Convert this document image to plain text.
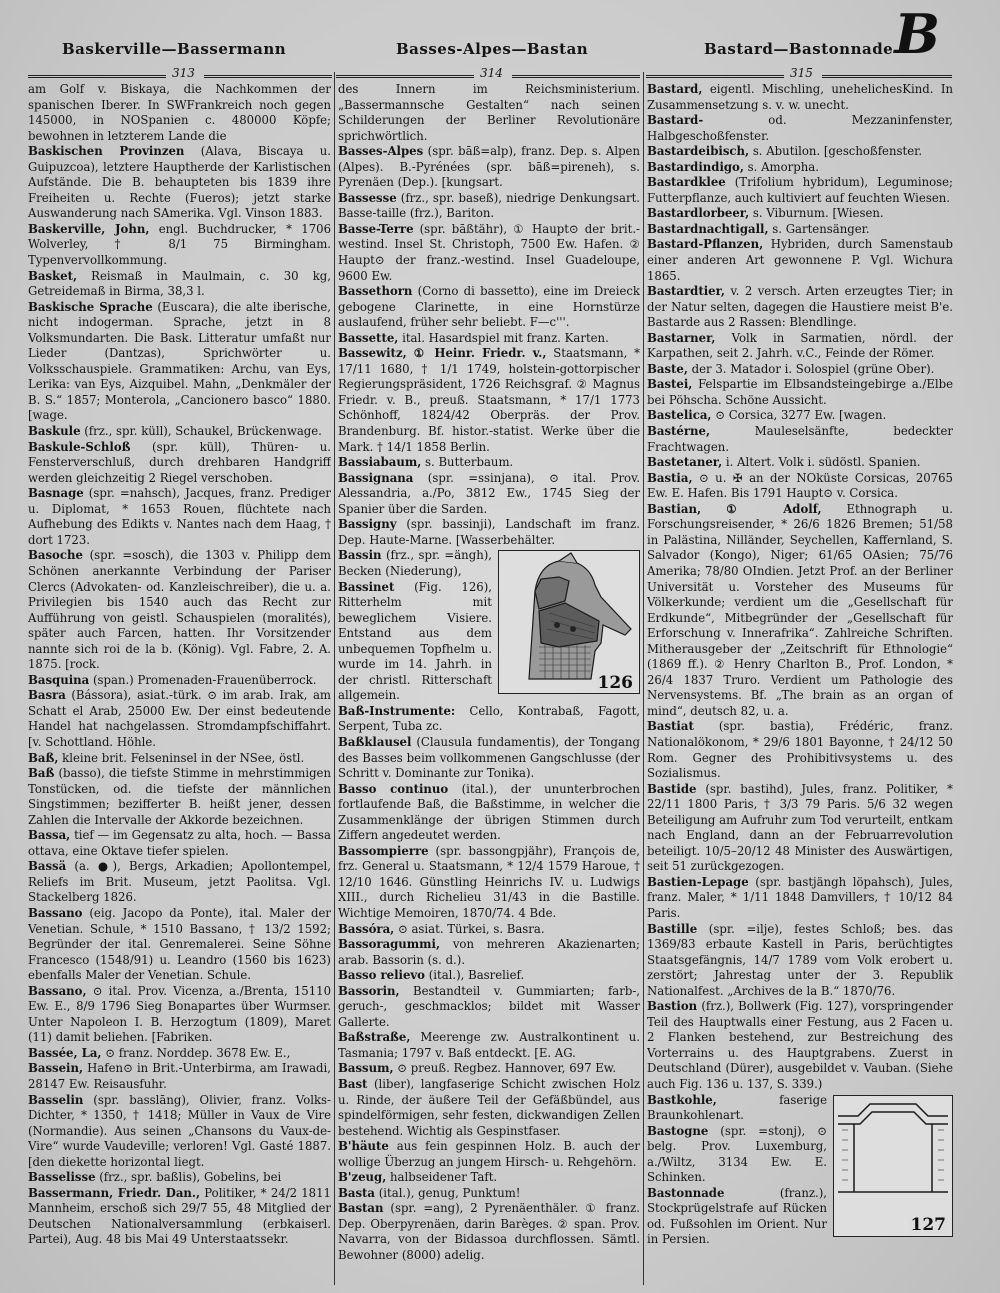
B
Baskerville—Bassermann	Basses-Alpes—Bastan	Bastard—Bastonnade
313	314	315

am Golf v. Biskaya, die Nachkommen der spanischen Iberer. In SWFrankreich noch gegen 145000, in NOSpanien c. 480000 Köpfe; bewohnen in letzterem Lande die

Baskischen Provinzen (Alava, Biscaya u. Guipuzcoa), letztere Hauptherde der Karlistischen Aufstände. Die B. behaupteten bis 1839 ihre Freiheiten u. Rechte (Fueros); jetzt starke Auswanderung nach SAmerika. Vgl. Vinson 1883.

Baskerville, John, engl. Buchdrucker, * 1706 Wolverley, † 8/1 75 Birmingham. Typenvervollkommung.

Basket, Reismaß in Maulmain, c. 30 kg, Getreidemaß in Birma, 38,3 l.

Baskische Sprache (Euscara), die alte iberische, nicht indogerman. Sprache, jetzt in 8 Volksmundarten. Die Bask. Litteratur umfaßt nur Lieder (Dantzas), Sprichwörter u. Volksschauspiele. Grammatiken: Archu, van Eys, Lerika: van Eys, Aizquibel. Mahn, „Denkmäler der B. S.“ 1857; Monterola, „Cancionero basco“ 1880. [wage.

Baskule (frz., spr. küll), Schaukel, Brückenwage.

Baskule-Schloß (spr. küll), Thüren- u. Fensterverschluß, durch drehbaren Handgriff werden gleichzeitig 2 Riegel verschoben.

Basnage (spr. =nahsch), Jacques, franz. Prediger u. Diplomat, * 1653 Rouen, flüchtete nach Aufhebung des Edikts v. Nantes nach dem Haag, † dort 1723.

Basoche (spr. =sosch), die 1303 v. Philipp dem Schönen anerkannte Verbindung der Pariser Clercs (Advokaten- od. Kanzleischreiber), die u. a. Privilegien bis 1540 auch das Recht zur Aufführung von geistl. Schauspielen (moralités), später auch Farcen, hatten. Ihr Vorsitzender nannte sich roi de la b. (König). Vgl. Fabre, 2. A. 1875. [rock.

Basquina (span.) Promenaden-Frauenüberrock.

Basra (Bássora), asiat.-türk. ⊙ im arab. Irak, am Schatt el Arab, 25000 Ew. Der einst bedeutende Handel hat nachgelassen. Stromdampfschiffahrt. [v. Schottland. Höhle.

Baß, kleine brit. Felseninsel in der NSee, östl.

Baß (basso), die tiefste Stimme in mehrstimmigen Tonstücken, od. die tiefste der männlichen Singstimmen; bezifferter B. heißt jener, dessen Zahlen die Intervalle der Akkorde bezeichnen.

Bassa, tief — im Gegensatz zu alta, hoch. — Bassa ottava, eine Oktave tiefer spielen.

Bassä (a. ●), Bergs, Arkadien; Apollontempel, Reliefs im Brit. Museum, jetzt Paolitsa. Vgl. Stackelberg 1826.

Bassano (eig. Jacopo da Ponte), ital. Maler der Venetian. Schule, * 1510 Bassano, † 13/2 1592; Begründer der ital. Genremalerei. Seine Söhne Francesco (1548/91) u. Leandro (1560 bis 1623) ebenfalls Maler der Venetian. Schule.

Bassano, ⊙ ital. Prov. Vicenza, a./Brenta, 15110 Ew. E., 8/9 1796 Sieg Bonapartes über Wurmser. Unter Napoleon I. B. Herzogtum (1809), Maret (11) damit beliehen. [Fabriken.

Bassée, La, ⊙ franz. Norddep. 3678 Ew. E.,

Bassein, Hafen⊙ in Brit.-Unterbirma, am Irawadi, 28147 Ew. Reisausfuhr.

Basselin (spr. basslāng), Olivier, franz. Volks-Dichter, * 1350, † 1418; Müller in Vaux de Vire (Normandie). Aus seinen „Chansons du Vaux-de-Vire“ wurde Vaudeville; verloren! Vgl. Gasté 1887. [den diekette horizontal liegt.

Basselisse (frz., spr. baßlis), Gobelins, bei

Bassermann, Friedr. Dan., Politiker, * 24/2 1811 Mannheim, erschoß sich 29/7 55, 48 Mitglied der Deutschen Nationalversammlung (erbkaiserl. Partei), Aug. 48 bis Mai 49 Unterstaatssekr.

des Innern im Reichsministerium. „Bassermannsche Gestalten“ nach seinen Schilderungen der Berliner Revolutionäre sprichwörtlich.

Basses-Alpes (spr. bāß=alp), franz. Dep. s. Alpen (Alpes). B.-Pyrénées (spr. bāß=pireneh), s. Pyrenäen (Dep.). [kungsart.

Bassesse (frz., spr. baseß), niedrige Denkungsart. Basse-taille (frz.), Bariton.

Basse-Terre (spr. bāßtähr), ① Haupt⊙ der brit.-westind. Insel St. Christoph, 7500 Ew. Hafen. ② Haupt⊙ der franz.-westind. Insel Guadeloupe, 9600 Ew.

Bassethorn (Corno di bassetto), eine im Dreieck gebogene Clarinette, in eine Hornstürze auslaufend, früher sehr beliebt. F—c'''.

Bassette, ital. Hasardspiel mit franz. Karten.

Bassewitz, ① Heinr. Friedr. v., Staatsmann, * 17/11 1680, † 1/1 1749, holstein-gottorpischer Regierungspräsident, 1726 Reichsgraf. ② Magnus Friedr. v. B., preuß. Staatsmann, * 17/1 1773 Schönhoff, 1824/42 Oberpräs. der Prov. Brandenburg. Bf. histor.-statist. Werke über die Mark. † 14/1 1858 Berlin.

Bassiabaum, s. Butterbaum.

Bassignana (spr. =ssinjana), ⊙ ital. Prov. Alessandria, a./Po, 3812 Ew., 1745 Sieg der Spanier über die Sarden.

Bassigny (spr. bassinji), Landschaft im franz. Dep. Haute-Marne. [Wasserbehälter.

126

Bassin (frz., spr. =ängh), Becken (Niederung),

Bassinet (Fig. 126), Ritterhelm mit beweglichem Visiere. Entstand aus dem unbequemen Topfhelm u. wurde im 14. Jahrh. in der christl. Ritterschaft allgemein.

Baß-Instrumente: Cello, Kontrabaß, Fagott, Serpent, Tuba zc.

Baßklausel (Clausula fundamentis), der Tongang des Basses beim vollkommenen Gangschlusse (der Schritt v. Dominante zur Tonika).

Basso continuo (ital.), der ununterbrochen fortlaufende Baß, die Baßstimme, in welcher die Zusammenklänge der übrigen Stimmen durch Ziffern angedeutet werden.

Bassompierre (spr. bassongpjähr), François de, frz. General u. Staatsmann, * 12/4 1579 Haroue, † 12/10 1646. Günstling Heinrichs IV. u. Ludwigs XIII., durch Richelieu 31/43 in die Bastille. Wichtige Memoiren, 1870/74. 4 Bde.

Bassóra, ⊙ asiat. Türkei, s. Basra.

Bassoragummi, von mehreren Akazienarten; arab. Bassorin (s. d.).

Basso relievo (ital.), Basrelief.

Bassorin, Bestandteil v. Gummiarten; farb-, geruch-, geschmacklos; bildet mit Wasser Gallerte.

Baßstraße, Meerenge zw. Australkontinent u. Tasmania; 1797 v. Baß entdeckt. [E. AG.

Bassum, ⊙ preuß. Regbez. Hannover, 697 Ew.

Bast (liber), langfaserige Schicht zwischen Holz u. Rinde, der äußere Teil der Gefäßbündel, aus spindelförmigen, sehr festen, dickwandigen Zellen bestehend. Wichtig als Gespinstfaser.

B'häute aus fein gespinnen Holz. B. auch der wollige Überzug an jungem Hirsch- u. Rehgehörn.

B'zeug, halbseidener Taft.

Basta (ital.), genug, Punktum!

Bastan (spr. =ang), 2 Pyrenäenthäler. ① franz. Dep. Oberpyrenäen, darin Barèges. ② span. Prov. Navarra, von der Bidassoa durchflossen. Sämtl. Bewohner (8000) adelig.

Bastard, eigentl. Mischling, unehelichesKind. In Zusammensetzung s. v. w. unecht.

Bastard-	od. Mezzaninfenster, Halbgeschoßfenster.

Bastardeibisch, s. Abutilon. [geschoßfenster.

Bastardindigo, s. Amorpha.

Bastardklee (Trifolium hybridum), Leguminose; Futterpflanze, auch kultiviert auf feuchten Wiesen.

Bastardlorbeer, s. Viburnum. [Wiesen.

Bastardnachtigall, s. Gartensänger.

Bastard-Pflanzen, Hybriden, durch Samenstaub einer anderen Art gewonnene P. Vgl. Wichura 1865.

Bastardtier, v. 2 versch. Arten erzeugtes Tier; in der Natur selten, dagegen die Haustiere meist B'e. Bastarde aus 2 Rassen: Blendlinge.

Bastarner, Volk in Sarmatien, nördl. der Karpathen, seit 2. Jahrh. v.C., Feinde der Römer.

Baste, der 3. Matador i. Solospiel (grüne Ober).

Bastei, Felspartie im Elbsandsteingebirge a./Elbe bei Pöhscha. Schöne Aussicht.

Bastelica, ⊙ Corsica, 3277 Ew. [wagen.

Bastérne,	Mauleselsänfte, bedeckter Frachtwagen.

Bastetaner, i. Altert. Volk i. südöstl. Spanien.

Bastia, ⊙ u. ✠ an der NOküste Corsicas, 20765 Ew. E. Hafen. Bis 1791 Haupt⊙ v. Corsica.

Bastian, ① Adolf, Ethnograph u. Forschungsreisender, * 26/6 1826 Bremen; 51/58 in Palästina, Nilländer, Seychellen, Kaffernland, S. Salvador (Kongo), Niger; 61/65 OAsien; 75/76 Amerika; 78/80 OIndien. Jetzt Prof. an der Berliner Universität u. Vorsteher des Museums für Völkerkunde; verdient um die „Gesellschaft für Erdkunde“, Mitbegründer der „Gesellschaft für Erforschung v. Innerafrika“. Zahlreiche Schriften. Mitherausgeber der „Zeitschrift für Ethnologie“ (1869 ff.). ② Henry Charlton B., Prof. London, * 26/4 1837 Truro. Verdient um Pathologie des Nervensystems. Bf. „The brain as an organ of mind“, deutsch 82, u. a.

Bastiat (spr. bastia), Frédéric, franz. Nationalökonom, * 29/6 1801 Bayonne, † 24/12 50 Rom. Gegner des Prohibitivsystems u. des Sozialismus.

Bastide (spr. bastihd), Jules, franz. Politiker, * 22/11 1800 Paris, † 3/3 79 Paris. 5/6 32 wegen Beteiligung am Aufruhr zum Tod verurteilt, entkam nach England, dann an der Februarrevolution beteiligt. 10/5–20/12 48 Minister des Auswärtigen, seit 51 zurückgezogen.

Bastien-Lepage (spr. bastjängh löpahsch), Jules, franz. Maler, * 1/11 1848 Damvillers, † 10/12 84 Paris.

Bastille (spr. =ilje), festes Schloß; bes. das 1369/83 erbaute Kastell in Paris, berüchtigtes Staatsgefängnis, 14/7 1789 vom Volk erobert u. zerstört; Jahrestag unter der 3. Republik Nationalfest. „Archives de la B.“ 1870/76.

Bastion (frz.), Bollwerk (Fig. 127), vorspringender Teil des Hauptwalls einer Festung, aus 2 Facen u. 2 Flanken bestehend, zur Bestreichung des Vorterrains u. des Hauptgrabens. Zuerst in Deutschland (Dürer), ausgebildet v. Vauban. (Siehe auch Fig. 136 u. 137, S. 339.)

127

Bastkohle,	faserige Braunkohlenart.

Bastogne (spr. =stonj), ⊙ belg. Prov. Luxemburg, a./Wiltz, 3134 Ew. E. Schinken.

Bastonnade	(franz.), Stockprügelstrafe auf Rücken od. Fußsohlen im Orient. Nur in Persien.
